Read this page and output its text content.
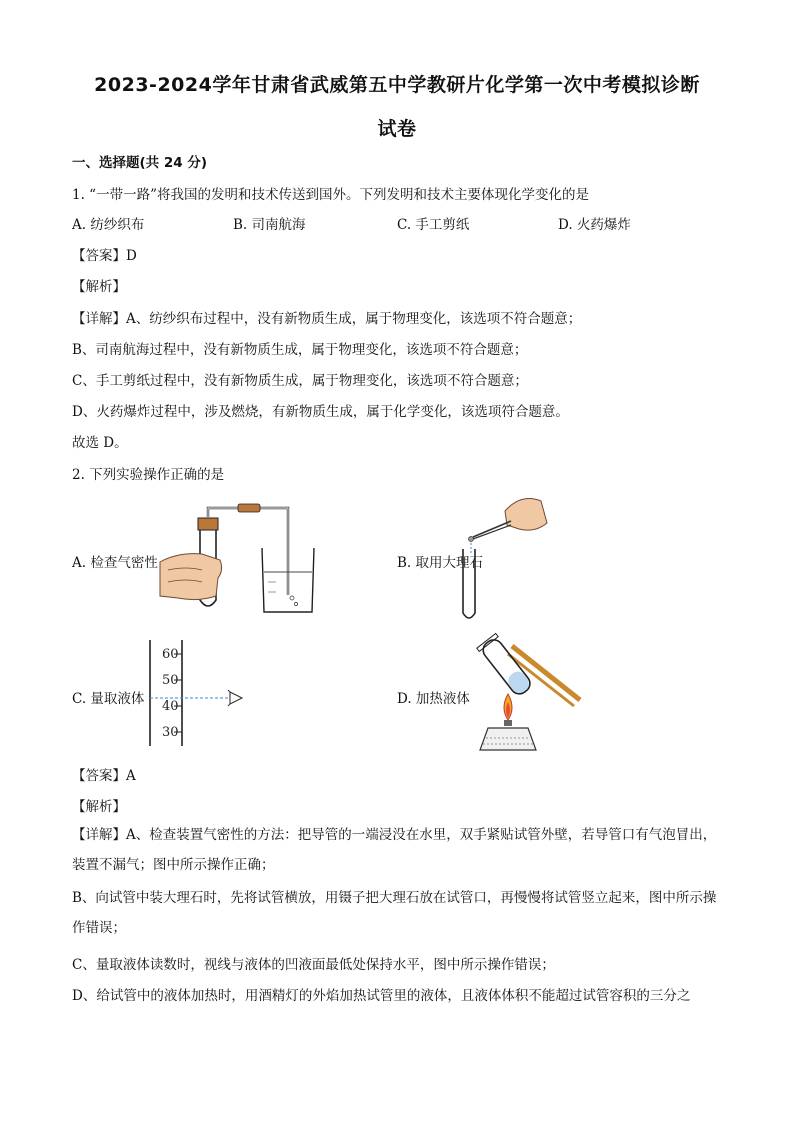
2023-2024学年甘肃省武威第五中学教研片化学第一次中考模拟诊断
试卷
一、选择题(共 24 分)
1. “一带一路”将我国的发明和技术传送到国外。下列发明和技术主要体现化学变化的是
A. 纺纱织布	B. 司南航海	C. 手工剪纸	D. 火药爆炸
【答案】D
【解析】
【详解】A、纺纱织布过程中，没有新物质生成，属于物理变化，该选项不符合题意；
B、司南航海过程中，没有新物质生成，属于物理变化，该选项不符合题意；
C、手工剪纸过程中，没有新物质生成，属于物理变化，该选项不符合题意；
D、火药爆炸过程中，涉及燃烧，有新物质生成，属于化学变化，该选项符合题意。
故选 D。
2. 下列实验操作正确的是
A. 检查气密性	B. 取用大理石
C. 量取液体
60
50
40
30
D. 加热液体
【答案】A
【解析】
【详解】A、检查装置气密性的方法：把导管的一端浸没在水里，双手紧贴试管外壁，若导管口有气泡冒出，装置不漏气；图中所示操作正确；
B、向试管中装大理石时，先将试管横放，用镊子把大理石放在试管口，再慢慢将试管竖立起来，图中所示操作错误；
C、量取液体读数时，视线与液体的凹液面最低处保持水平，图中所示操作错误；
D、给试管中的液体加热时，用酒精灯的外焰加热试管里的液体，且液体体积不能超过试管容积的三分之
